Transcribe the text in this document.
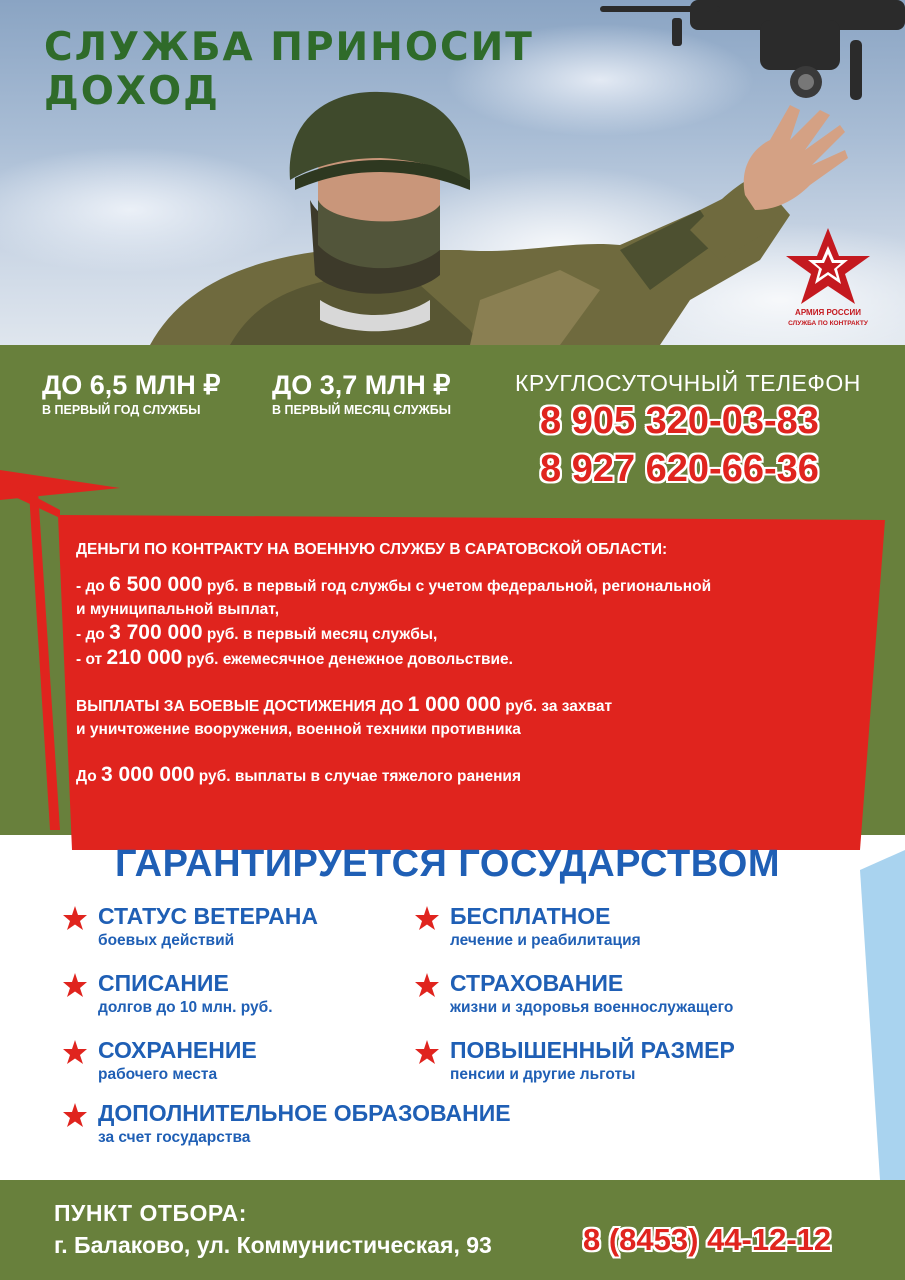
СЛУЖБА ПРИНОСИТ
ДОХОД
АРМИЯ РОССИИ
СЛУЖБА ПО КОНТРАКТУ
ДО 6,5 МЛН ₽
В ПЕРВЫЙ ГОД СЛУЖБЫ
ДО 3,7 МЛН ₽
В ПЕРВЫЙ МЕСЯЦ СЛУЖБЫ
КРУГЛОСУТОЧНЫЙ ТЕЛЕФОН
8 905 320-03-83
8 927 620-66-36

ДЕНЬГИ ПО КОНТРАКТУ НА ВОЕННУЮ СЛУЖБУ В САРАТОВСКОЙ ОБЛАСТИ:

- до 6 500 000 руб. в первый год службы с учетом федеральной, региональной

и муниципальной выплат,

- до 3 700 000 руб. в первый месяц службы,

- от 210 000 руб. ежемесячное денежное довольствие.

ВЫПЛАТЫ ЗА БОЕВЫЕ ДОСТИЖЕНИЯ ДО 1 000 000 руб. за захват

и уничтожение вооружения, военной техники противника

До 3 000 000 руб. выплаты в случае тяжелого ранения

ГАРАНТИРУЕТСЯ ГОСУДАРСТВОМ
СТАТУС ВЕТЕРАНА
боевых действий
БЕСПЛАТНОЕ
лечение и реабилитация
СПИСАНИЕ
долгов до 10 млн. руб.
СТРАХОВАНИЕ
жизни и здоровья военнослужащего
СОХРАНЕНИЕ
рабочего места
ПОВЫШЕННЫЙ РАЗМЕР
пенсии и другие льготы
ДОПОЛНИТЕЛЬНОЕ ОБРАЗОВАНИЕ
за счет государства
ПУНКТ ОТБОРА:
г. Балаково, ул. Коммунистическая, 93	8 (8453) 44-12-12
